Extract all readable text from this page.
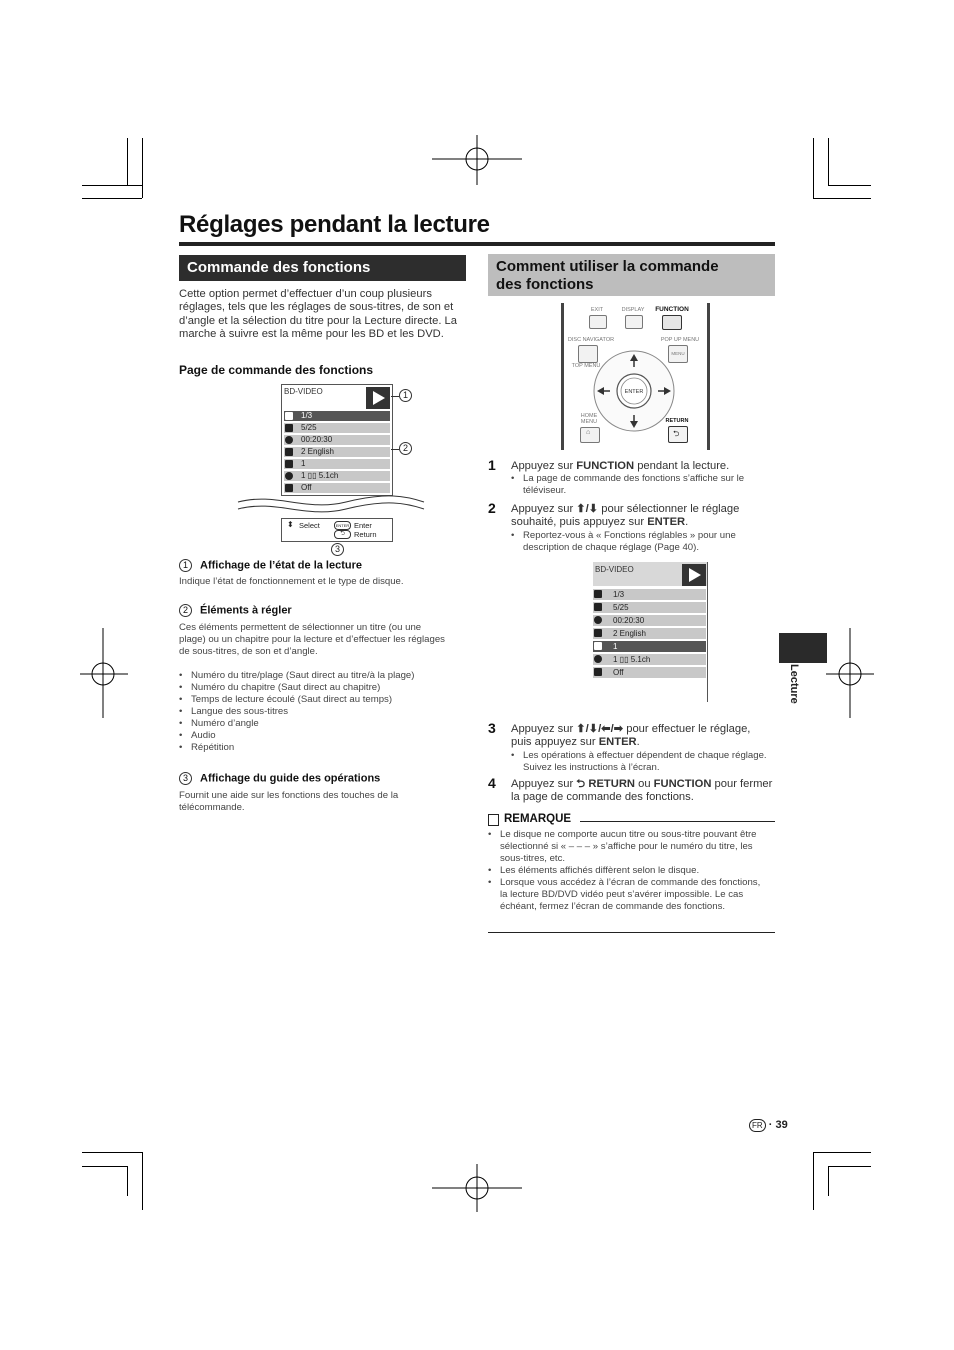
Réglages pendant la lecture
Commande des fonctions
Cette option permet d’effectuer d’un coup plusieurs réglages, tels que les réglages de sous-titres, de son et d’angle et la sélection du titre pour la Lecture directe. La marche à suivre est la même pour les BD et les DVD.
Page de commande des fonctions
BD-VIDEO
1/3
5/25
00:20:30
2 English
1
1 ▯▯ 5.1ch
Off
⬍ Select	ENTER Enter
⮌	Return
1
2
3
1 Affichage de l’état de la lecture
Indique l’état de fonctionnement et le type de disque.
2 Éléments à régler
Ces éléments permettent de sélectionner un titre (ou une plage) ou un chapitre pour la lecture et d’effectuer les réglages de sous-titres, de son et d’angle.
• Numéro du titre/plage (Saut direct au titre/à la plage)
• Numéro du chapitre (Saut direct au chapitre)
• Temps de lecture écoulé (Saut direct au temps)
• Langue des sous-titres
• Numéro d’angle
• Audio
• Répétition
3 Affichage du guide des opérations
Fournit une aide sur les fonctions des touches de la télécommande.
Comment utiliser la commande
des fonctions
EXIT	DISPLAY	FUNCTION
DISC NAVIGATOR
TOP MENU
POP UP MENU
MENU
ENTER
HOME MENU
⌂
RETURN
⮌
1 Appuyez sur FUNCTION pendant la lecture.
• La page de commande des fonctions s’affiche sur le téléviseur.
2 Appuyez sur ⬆/⬇ pour sélectionner le réglage souhaité, puis appuyez sur ENTER.
• Reportez-vous à « Fonctions réglables » pour une description de chaque réglage (Page 40).
BD-VIDEO
1/3
5/25
00:20:30
2 English
1
1 ▯▯ 5.1ch
Off
3 Appuyez sur ⬆/⬇/⬅/➡ pour effectuer le réglage, puis appuyez sur ENTER.
• Les opérations à effectuer dépendent de chaque réglage. Suivez les instructions à l’écran.
4 Appuyez sur ⮌ RETURN ou FUNCTION pour fermer la page de commande des fonctions.
REMARQUE
• Le disque ne comporte aucun titre ou sous-titre pouvant être sélectionné si « – – – » s’affiche pour le numéro du titre, les sous-titres, etc.
• Les éléments affichés diffèrent selon le disque.
• Lorsque vous accédez à l’écran de commande des fonctions, la lecture BD/DVD vidéo peut s’avérer impossible. Le cas échéant, fermez l’écran de commande des fonctions.
Lecture
FR · 39
